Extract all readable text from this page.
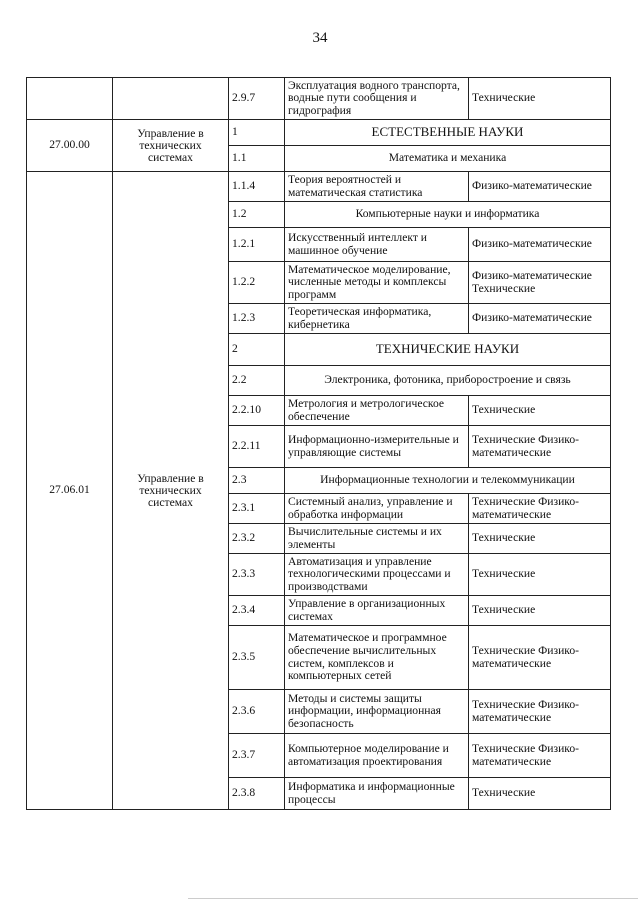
34
		2.9.7	Эксплуатация водного транспорта, водные пути сообщения и гидрография	Технические
27.00.00	Управление в технических системах	1	ЕСТЕСТВЕННЫЕ НАУКИ	
		1.1	Математика и механика	
27.06.01	Управление в технических системах	1.1.4	Теория вероятностей и математическая статистика	Физико-математические
		1.2	Компьютерные науки и информатика	
		1.2.1	Искусственный интеллект и машинное обучение	Физико-математические
		1.2.2	Математическое моделирование, численные методы и комплексы программ	Физико-математические Технические
		1.2.3	Теоретическая информатика, кибернетика	Физико-математические
		2	ТЕХНИЧЕСКИЕ НАУКИ	
		2.2	Электроника, фотоника, приборостроение и связь	
		2.2.10	Метрология и метрологическое обеспечение	Технические
		2.2.11	Информационно-измерительные и управляющие системы	Технические Физико-математические
		2.3	Информационные технологии и телекоммуникации	
		2.3.1	Системный анализ, управление и обработка информации	Технические Физико-математические
		2.3.2	Вычислительные системы и их элементы	Технические
		2.3.3	Автоматизация и управление технологическими процессами и производствами	Технические
		2.3.4	Управление в организационных системах	Технические
		2.3.5	Математическое и программное обеспечение вычислительных систем, комплексов и компьютерных сетей	Технические Физико-математические
		2.3.6	Методы и системы защиты информации, информационная безопасность	Технические Физико-математические
		2.3.7	Компьютерное моделирование и автоматизация проектирования	Технические Физико-математические
		2.3.8	Информатика и информационные процессы	Технические
